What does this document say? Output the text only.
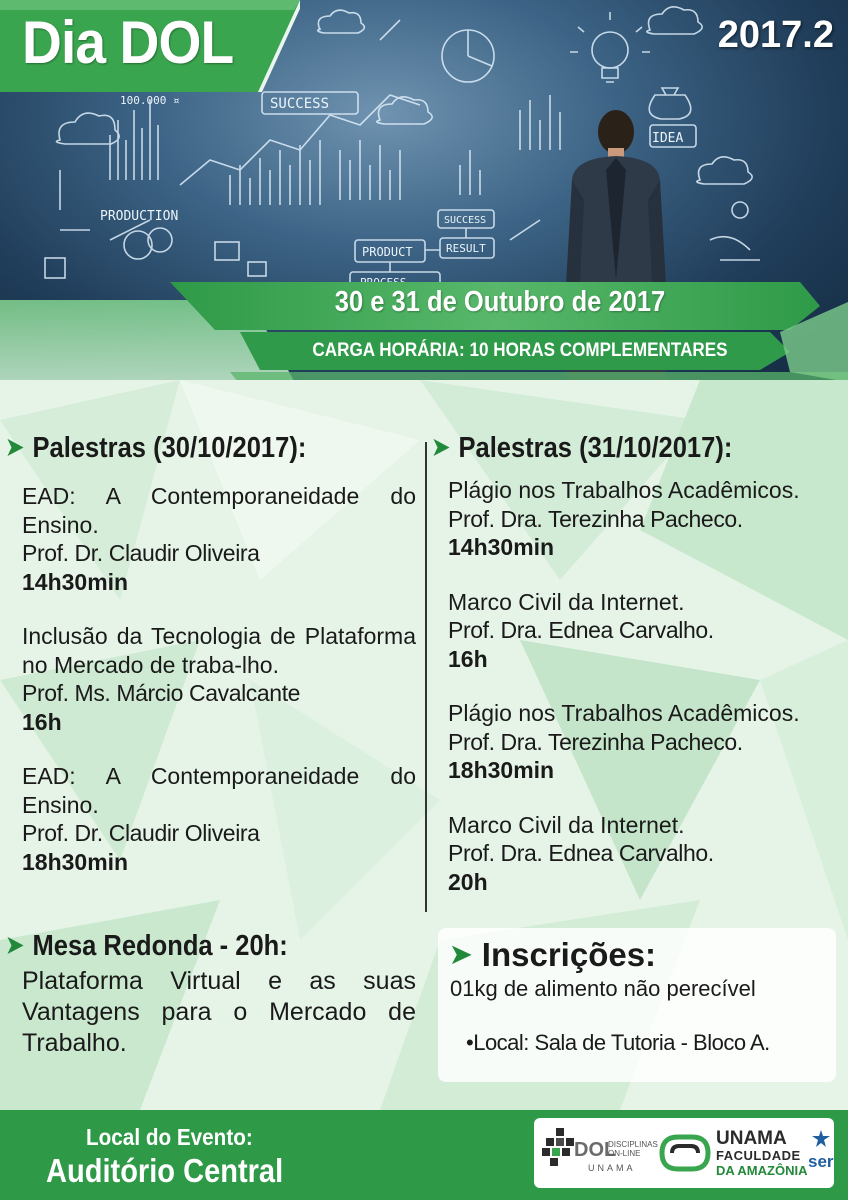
100.000 ¤	SUCCESS
IDEA
PRODUCTION	SUCCESS
PRODUCT	RESULT
Dia DOL	2017.2
30 e 31 de Outubro de 2017
CARGA HORÁRIA: 10 HORAS COMPLEMENTARES
➤ Palestras (30/10/2017):	➤ Palestras (31/10/2017):
EAD: A Contemporaneidade do Ensino.
Prof. Dr. Claudir Oliveira
14h30min
Inclusão da Tecnologia de Plataforma no Mercado de traba-lho.
Prof. Ms. Márcio Cavalcante
16h
EAD: A Contemporaneidade do Ensino.
Prof. Dr. Claudir Oliveira
18h30min
➤ Mesa Redonda - 20h:
Plataforma Virtual e as suas Vantagens para o Mercado de Trabalho.
Plágio nos Trabalhos Acadêmicos.
Prof. Dra. Terezinha Pacheco.
14h30min
Marco Civil da Internet.
Prof. Dra. Ednea Carvalho.
16h
Plágio nos Trabalhos Acadêmicos.
Prof. Dra. Terezinha Pacheco.
18h30min
Marco Civil da Internet.
Prof. Dra. Ednea Carvalho.
20h
➤ Inscrições:
01kg de alimento não perecível
•Local: Sala de Tutoria - Bloco A.
Local do Evento:
Auditório Central
DOL
DISCIPLINAS ON-LINE
UNAMA
UNAMA
FACULDADE
DA AMAZÔNIA ser
